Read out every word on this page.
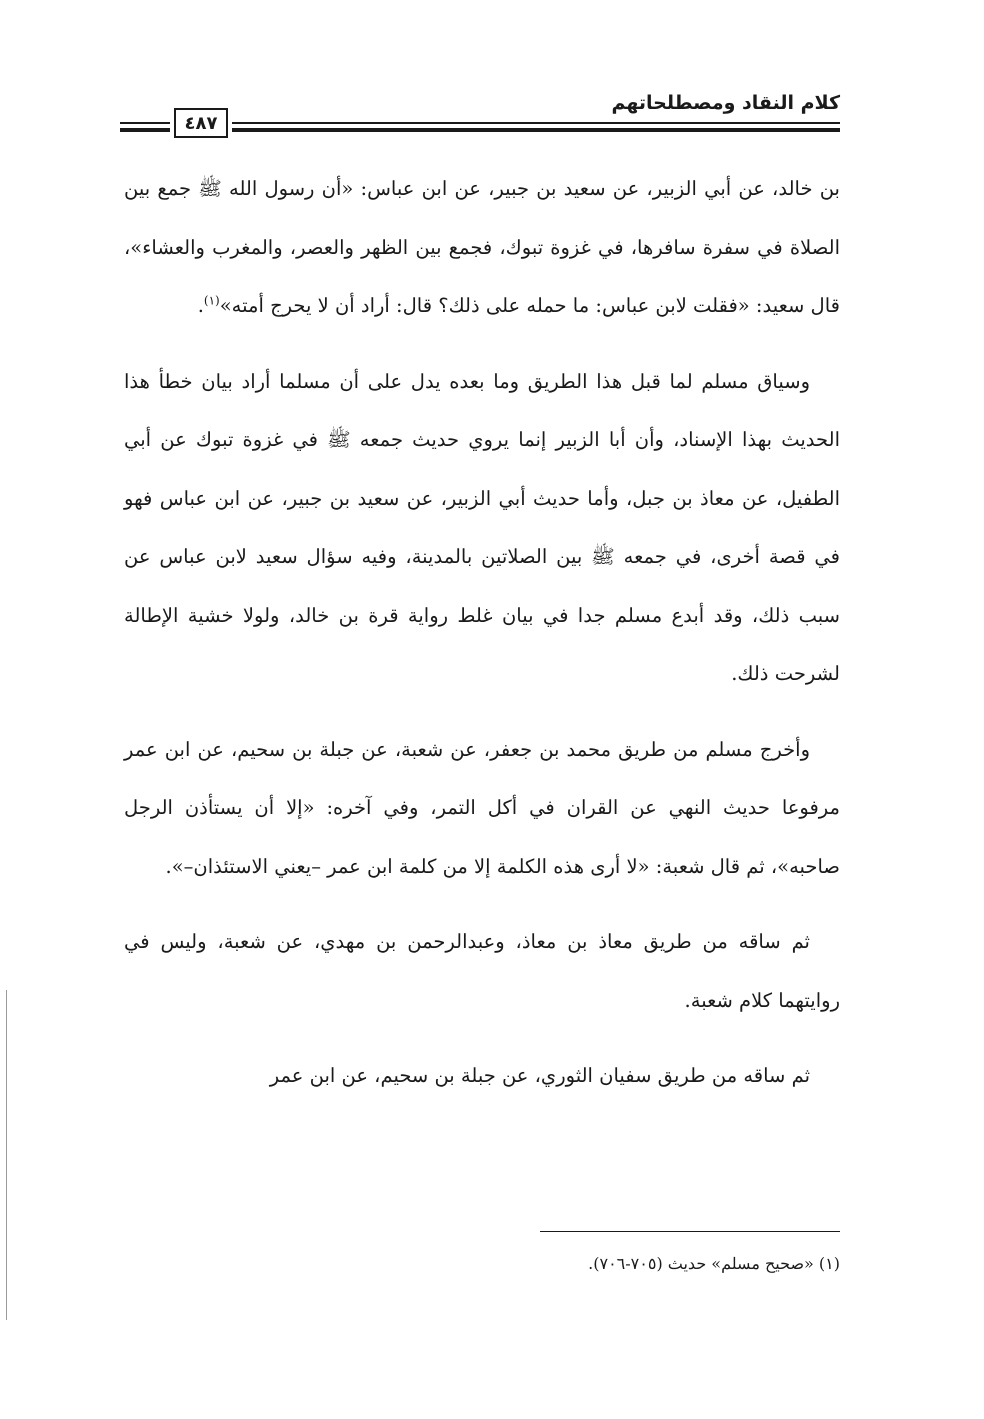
كلام النقاد ومصطلحاتهم
٤٨٧

بن خالد، عن أبي الزبير، عن سعيد بن جبير، عن ابن عباس: «أن رسول الله ﷺ جمع بين الصلاة في سفرة سافرها، في غزوة تبوك، فجمع بين الظهر والعصر، والمغرب والعشاء»، قال سعيد: «فقلت لابن عباس: ما حمله على ذلك؟ قال: أراد أن لا يحرج أمته»$^{(١)}$.

وسياق مسلم لما قبل هذا الطريق وما بعده يدل على أن مسلما أراد بيان خطأ هذا الحديث بهذا الإسناد، وأن أبا الزبير إنما يروي حديث جمعه ﷺ في غزوة تبوك عن أبي الطفيل، عن معاذ بن جبل، وأما حديث أبي الزبير، عن سعيد بن جبير، عن ابن عباس فهو في قصة أخرى، في جمعه ﷺ بين الصلاتين بالمدينة، وفيه سؤال سعيد لابن عباس عن سبب ذلك، وقد أبدع مسلم جدا في بيان غلط رواية قرة بن خالد، ولولا خشية الإطالة لشرحت ذلك.

وأخرج مسلم من طريق محمد بن جعفر، عن شعبة، عن جبلة بن سحيم، عن ابن عمر مرفوعا حديث النهي عن القران في أكل التمر، وفي آخره: «إلا أن يستأذن الرجل صاحبه»، ثم قال شعبة: «لا أرى هذه الكلمة إلا من كلمة ابن عمر –يعني الاستئذان–».

ثم ساقه من طريق معاذ بن معاذ، وعبدالرحمن بن مهدي، عن شعبة، وليس في روايتهما كلام شعبة.

ثم ساقه من طريق سفيان الثوري، عن جبلة بن سحيم، عن ابن عمر

(١) «صحيح مسلم» حديث (٧٠٥-٧٠٦).
